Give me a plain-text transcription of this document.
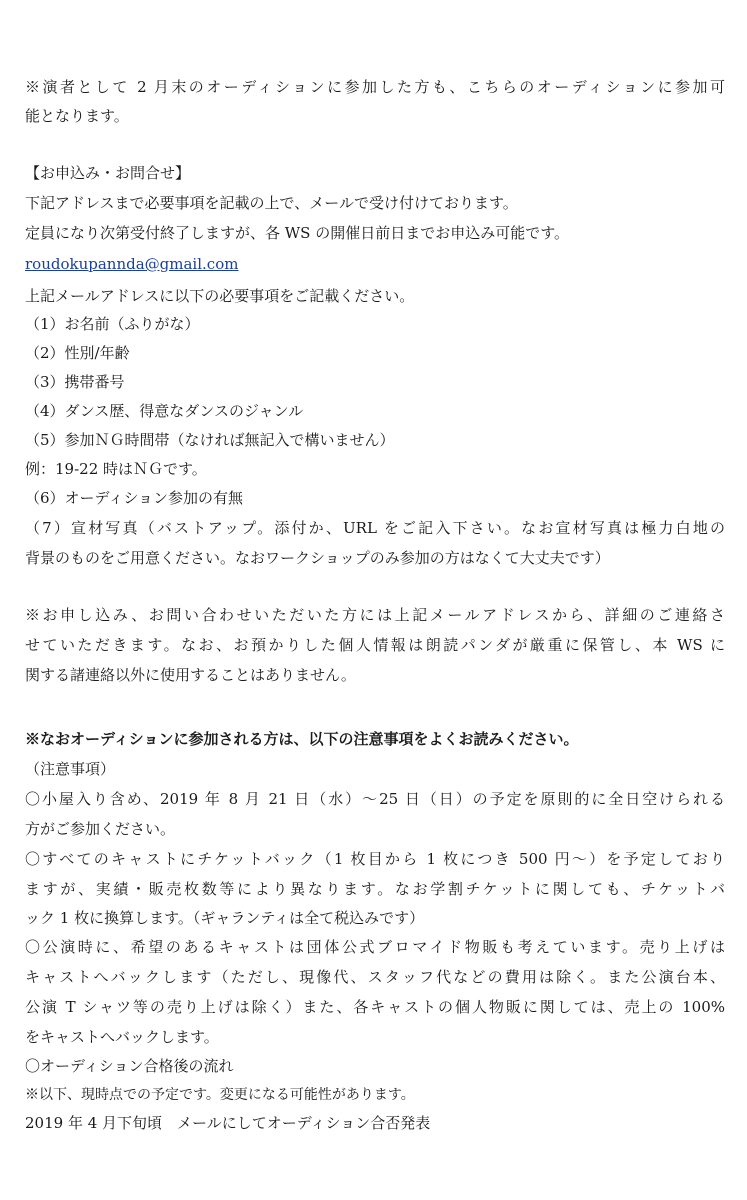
※演者として 2 月末のオーディションに参加した方も、こちらのオーディションに参加可
能となります。
【お申込み・お問合せ】
下記アドレスまで必要事項を記載の上で、メールで受け付けております。
定員になり次第受付終了しますが、各 WS の開催日前日までお申込み可能です。
roudokupannda@gmail.com
上記メールアドレスに以下の必要事項をご記載ください。
（1）お名前（ふりがな）
（2）性別/年齢
（3）携帯番号
（4）ダンス歴、得意なダンスのジャンル
（5）参加ＮＧ時間帯（なければ無記入で構いません）
例：19-22 時はＮＧです。
（6）オーディション参加の有無
（7）宣材写真（バストアップ。添付か、URL をご記入下さい。なお宣材写真は極力白地の
背景のものをご用意ください。なおワークショップのみ参加の方はなくて大丈夫です）
※お申し込み、お問い合わせいただいた方には上記メールアドレスから、詳細のご連絡さ
せていただきます。なお、お預かりした個人情報は朗読パンダが厳重に保管し、本 WS に
関する諸連絡以外に使用することはありません。
※なおオーディションに参加される方は、以下の注意事項をよくお読みください。
（注意事項）
〇小屋入り含め、2019 年 8 月 21 日（水）〜25 日（日）の予定を原則的に全日空けられる
方がご参加ください。
〇すべてのキャストにチケットバック（1 枚目から 1 枚につき 500 円〜）を予定しており
ますが、実績・販売枚数等により異なります。なお学割チケットに関しても、チケットバ
ック 1 枚に換算します。（ギャランティは全て税込みです）
〇公演時に、希望のあるキャストは団体公式ブロマイド物販も考えています。売り上げは
キャストへバックします（ただし、現像代、スタッフ代などの費用は除く。また公演台本、
公演 T シャツ等の売り上げは除く）また、各キャストの個人物販に関しては、売上の 100%
をキャストへバックします。
〇オーディション合格後の流れ
※以下、現時点での予定です。変更になる可能性があります。
2019 年 4 月下旬頃　メールにしてオーディション合否発表
